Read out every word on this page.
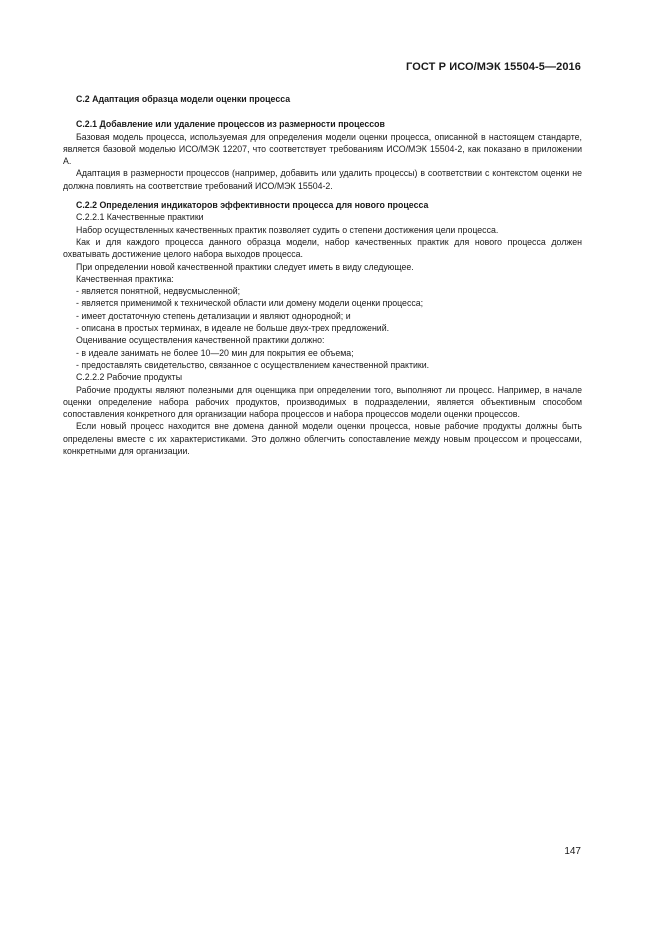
ГОСТ Р ИСО/МЭК 15504-5—2016
С.2 Адаптация образца модели оценки процесса
С.2.1 Добавление или удаление процессов из размерности процессов

Базовая модель процесса, используемая для определения модели оценки процесса, описанной в настоящем стандарте, является базовой моделью ИСО/МЭК 12207, что соответствует требованиям ИСО/МЭК 15504-2, как показано в приложении А.

Адаптация в размерности процессов (например, добавить или удалить процессы) в соответствии с контекстом оценки не должна повлиять на соответствие требований ИСО/МЭК 15504-2.

С.2.2 Определения индикаторов эффективности процесса для нового процесса
С.2.2.1 Качественные практики

Набор осуществленных качественных практик позволяет судить о степени достижения цели процесса.

Как и для каждого процесса данного образца модели, набор качественных практик для нового процесса должен охватывать достижение целого набора выходов процесса.

При определении новой качественной практики следует иметь в виду следующее.

Качественная практика:
- является понятной, недвусмысленной;
- является применимой к технической области или домену модели оценки процесса;
- имеет достаточную степень детализации и являют однородной; и
- описана в простых терминах, в идеале не больше двух-трех предложений.
Оценивание осуществления качественной практики должно:
- в идеале занимать не более 10—20 мин для покрытия ее объема;
- предоставлять свидетельство, связанное с осуществлением качественной практики.
С.2.2.2 Рабочие продукты

Рабочие продукты являют полезными для оценщика при определении того, выполняют ли процесс. Например, в начале оценки определение набора рабочих продуктов, производимых в подразделении, является объективным способом сопоставления конкретного для организации набора процессов и набора процессов модели оценки процессов.

Если новый процесс находится вне домена данной модели оценки процесса, новые рабочие продукты должны быть определены вместе с их характеристиками. Это должно облегчить сопоставление между новым процессом и процессами, конкретными для организации.

147
